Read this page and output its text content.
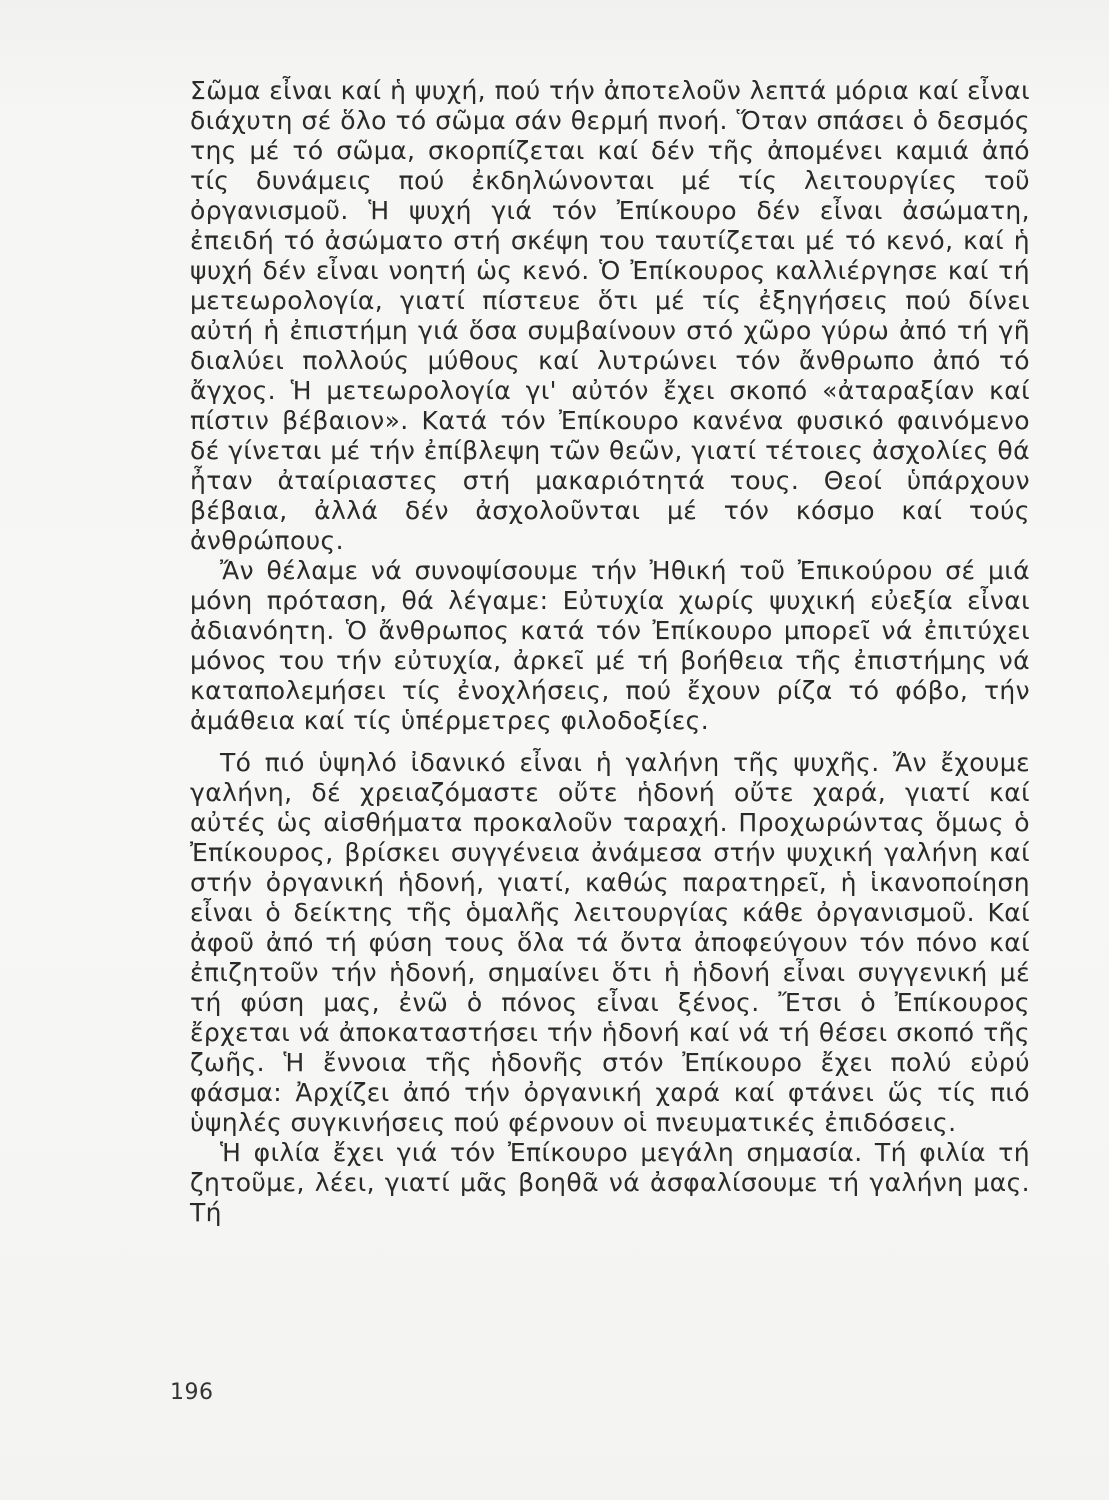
Σῶμα εἶναι καί ἡ ψυχή, πού τήν ἀποτελοῦν λεπτά μόρια καί εἶναι διάχυτη σέ ὅλο τό σῶμα σάν θερμή πνοή. Ὅταν σπάσει ὁ δεσμός της μέ τό σῶμα, σκορπίζεται καί δέν τῆς ἀπομένει καμιά ἀπό τίς δυνάμεις πού ἐκδηλώνονται μέ τίς λειτουργίες τοῦ ὀργανισμοῦ. Ἡ ψυχή γιά τόν Ἐπίκουρο δέν εἶναι ἀσώματη, ἐπειδή τό ἀσώματο στή σκέψη του ταυτίζεται μέ τό κενό, καί ἡ ψυχή δέν εἶναι νοητή ὡς κενό. Ὁ Ἐπίκουρος καλλιέργησε καί τή μετεωρολογία, γιατί πίστευε ὅτι μέ τίς ἐξηγήσεις πού δίνει αὐτή ἡ ἐπιστήμη γιά ὅσα συμβαίνουν στό χῶρο γύρω ἀπό τή γῆ διαλύει πολλούς μύθους καί λυτρώνει τόν ἄνθρωπο ἀπό τό ἄγχος. Ἡ μετεωρολογία γι' αὐτόν ἔχει σκοπό «ἀταραξίαν καί πίστιν βέβαιον». Κατά τόν Ἐπίκουρο κανένα φυσικό φαινόμενο δέ γίνεται μέ τήν ἐπίβλεψη τῶν θεῶν, γιατί τέτοιες ἀσχολίες θά ἦταν ἀταίριαστες στή μακαριότητά τους. Θεοί ὑπάρχουν βέβαια, ἀλλά δέν ἀσχολοῦνται μέ τόν κόσμο καί τούς ἀνθρώπους.

Ἄν θέλαμε νά συνοψίσουμε τήν Ἠθική τοῦ Ἐπικούρου σέ μιά μόνη πρόταση, θά λέγαμε: Εὐτυχία χωρίς ψυχική εὐεξία εἶναι ἀδιανόητη. Ὁ ἄνθρωπος κατά τόν Ἐπίκουρο μπορεῖ νά ἐπιτύχει μόνος του τήν εὐτυχία, ἀρκεῖ μέ τή βοήθεια τῆς ἐπιστήμης νά καταπολεμήσει τίς ἐνοχλήσεις, πού ἔχουν ρίζα τό φόβο, τήν ἀμάθεια καί τίς ὑπέρμετρες φιλοδοξίες.

Τό πιό ὑψηλό ἰδανικό εἶναι ἡ γαλήνη τῆς ψυχῆς. Ἄν ἔχουμε γαλήνη, δέ χρειαζόμαστε οὔτε ἡδονή οὔτε χαρά, γιατί καί αὐτές ὡς αἰσθήματα προκαλοῦν ταραχή. Προχωρώντας ὅμως ὁ Ἐπίκουρος, βρίσκει συγγένεια ἀνάμεσα στήν ψυχική γαλήνη καί στήν ὀργανική ἡδονή, γιατί, καθώς παρατηρεῖ, ἡ ἱκανοποίηση εἶναι ὁ δείκτης τῆς ὁμαλῆς λειτουργίας κάθε ὀργανισμοῦ. Καί ἀφοῦ ἀπό τή φύση τους ὅλα τά ὄντα ἀποφεύγουν τόν πόνο καί ἐπιζητοῦν τήν ἡδονή, σημαίνει ὅτι ἡ ἡδονή εἶναι συγγενική μέ τή φύση μας, ἐνῶ ὁ πόνος εἶναι ξένος. Ἔτσι ὁ Ἐπίκουρος ἔρχεται νά ἀποκαταστήσει τήν ἡδονή καί νά τή θέσει σκοπό τῆς ζωῆς. Ἡ ἔννοια τῆς ἡδονῆς στόν Ἐπίκουρο ἔχει πολύ εὐρύ φάσμα: Ἀρχίζει ἀπό τήν ὀργανική χαρά καί φτάνει ὥς τίς πιό ὑψηλές συγκινήσεις πού φέρνουν οἱ πνευματικές ἐπιδόσεις.

Ἡ φιλία ἔχει γιά τόν Ἐπίκουρο μεγάλη σημασία. Τή φιλία τή ζητοῦμε, λέει, γιατί μᾶς βοηθᾶ νά ἀσφαλίσουμε τή γαλήνη μας. Τή

196
